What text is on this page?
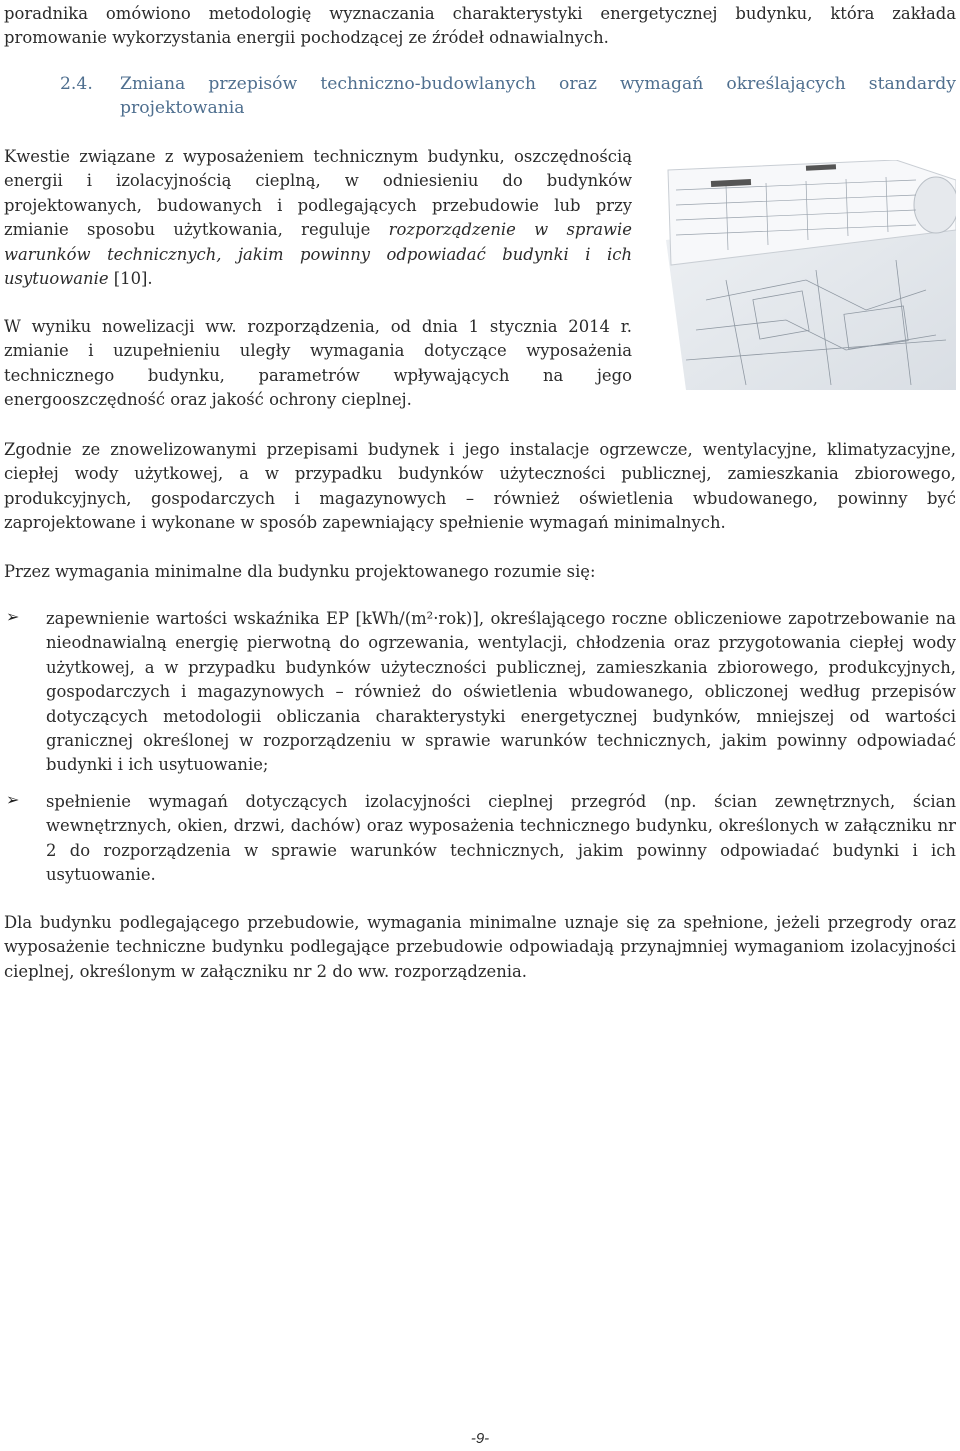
poradnika omówiono metodologię wyznaczania charakterystyki energetycznej budynku, która zakłada promowanie wykorzystania energii pochodzącej ze źródeł odnawialnych.

2.4.	Zmiana przepisów techniczno-budowlanych oraz wymagań określających standardy projektowania

Kwestie związane z wyposażeniem technicznym budynku, oszczędnością energii i izolacyjnością cieplną, w odniesieniu do budynków projektowanych, budowanych i podlegających przebudowie lub przy zmianie sposobu użytkowania, reguluje rozporządzenie w sprawie warunków technicznych, jakim powinny odpowiadać budynki i ich usytuowanie [10].

W wyniku nowelizacji ww. rozporządzenia, od dnia 1 stycznia 2014 r. zmianie i uzupełnieniu uległy wymagania dotyczące wyposażenia technicznego budynku, parametrów wpływających na jego energooszczędność oraz jakość ochrony cieplnej.

Zgodnie ze znowelizowanymi przepisami budynek i jego instalacje ogrzewcze, wentylacyjne, klimatyzacyjne, ciepłej wody użytkowej, a w przypadku budynków użyteczności publicznej, zamieszkania zbiorowego, produkcyjnych, gospodarczych i magazynowych – również oświetlenia wbudowanego, powinny być zaprojektowane i wykonane w sposób zapewniający spełnienie wymagań minimalnych.

Przez wymagania minimalne dla budynku projektowanego rozumie się:

➢ zapewnienie wartości wskaźnika EP [kWh/(m²·rok)], określającego roczne obliczeniowe zapotrzebowanie na nieodnawialną energię pierwotną do ogrzewania, wentylacji, chłodzenia oraz przygotowania ciepłej wody użytkowej, a w przypadku budynków użyteczności publicznej, zamieszkania zbiorowego, produkcyjnych, gospodarczych i magazynowych – również do oświetlenia wbudowanego, obliczonej według przepisów dotyczących metodologii obliczania charakterystyki energetycznej budynków, mniejszej od wartości granicznej określonej w rozporządzeniu w sprawie warunków technicznych, jakim powinny odpowiadać budynki i ich usytuowanie;

➢ spełnienie wymagań dotyczących izolacyjności cieplnej przegród (np. ścian zewnętrznych, ścian wewnętrznych, okien, drzwi, dachów) oraz wyposażenia technicznego budynku, określonych w załączniku nr 2 do rozporządzenia w sprawie warunków technicznych, jakim powinny odpowiadać budynki i ich usytuowanie.

Dla budynku podlegającego przebudowie, wymagania minimalne uznaje się za spełnione, jeżeli przegrody oraz wyposażenie techniczne budynku podlegające przebudowie odpowiadają przynajmniej wymaganiom izolacyjności cieplnej, określonym w załączniku nr 2 do ww. rozporządzenia.

-9-
